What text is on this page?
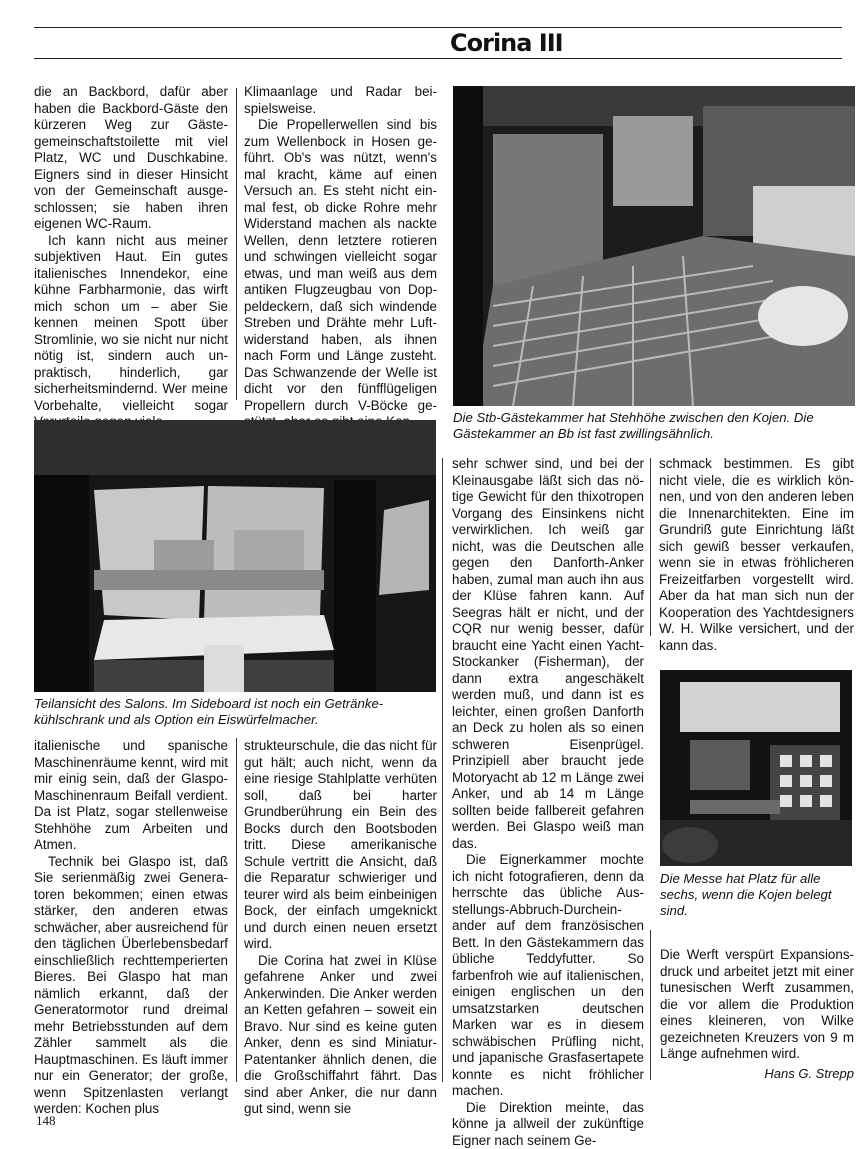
Corina III

die an Backbord, dafür aber haben die Backbord-Gäste den kürzeren Weg zur Gästegemeinschaftstoilette mit viel Platz, WC und Duschkabine. Eigners sind in dieser Hinsicht von der Gemeinschaft ausgeschlossen; sie haben ihren eigenen WC-Raum.

Ich kann nicht aus meiner subjektiven Haut. Ein gutes italienisches Innendekor, eine kühne Farbharmonie, das wirft mich schon um – aber Sie kennen meinen Spott über Stromlinie, wo sie nicht nur nicht nötig ist, sindern auch unpraktisch, hinderlich, gar sicherheitsmindernd. Wer meine Vorbehalte, vielleicht sogar

Klimaanlage und Radar beispielsweise.

Die Propellerwellen sind bis zum Wellenbock in Hosen geführt. Ob's was nützt, wenn's mal kracht, käme auf einen Versuch an. Es steht nicht einmal fest, ob dicke Rohre mehr Widerstand machen als nackte Wellen, denn letztere rotieren und schwingen vielleicht sogar etwas, und man weiß aus dem antiken Flugzeugbau von Doppeldeckern, daß sich windende Streben und Drähte mehr Luftwiderstand haben, als ihnen nach Form und Länge zusteht. Das Schwanzende der Welle ist dicht vor den fünfflügeligen Propellern durch V-Böcke ge

Die Stb-Gästekammer hat Stehhöhe zwischen den Kojen. Die Gästekammer an Bb ist fast zwillingsähnlich.
Teilansicht des Salons. Im Sideboard ist noch ein Getränkekühlschrank und als Option ein Eiswürfelmacher.

sehr schwer sind, und bei der Kleinausgabe läßt sich das nötige Gewicht für den thixotropen Vorgang des Einsinkens nicht verwirklichen. Ich weiß gar nicht, was die Deutschen alle gegen den Danforth-Anker haben, zumal man auch ihn aus der Klüse fahren kann. Auf Seegras hält er nicht, und der CQR nur wenig besser, dafür braucht eine Yacht einen Yacht-Stockanker (Fisherman), der dann extra angeschäkelt werden muß, und dann ist es leichter, einen großen Danforth an Deck zu holen als so einen schweren Eisenprügel. Prinzipiell aber braucht jede Motoryacht ab 12 m Länge zwei Anker, und ab 14 m Länge sollten beide fallbereit gefahren werden. Bei Glaspo weiß man das.

Die Eignerkammer mochte ich nicht fotografieren, denn da herrschte das übliche Ausstellungs-Abbruch-Durcheinander auf dem französischen Bett. In den Gästekammern das übliche Teddyfutter. So farbenfroh wie auf italienischen, einigen englischen un den umsatzstarken deutschen Marken war es in diesem schwäbischen Prüfling nicht, und japanische Grasfasertapete konnte es nicht fröhlicher machen.

Die Direktion meinte, das könne ja allweil der zukünftige Eigner nach seinem Ge-

schmack bestimmen. Es gibt nicht viele, die es wirklich können, und von den anderen leben die Innenarchitekten. Eine im Grundriß gute Einrichtung läßt sich gewiß besser verkaufen, wenn sie in etwas fröhlicheren Freizeitfarben vorgestellt wird. Aber da hat man sich nun der Kooperation des Yachtdesigners W. H. Wilke versichert, und der kann das.

Die Messe hat Platz für alle sechs, wenn die Kojen belegt sind.

Die Werft verspürt Expansionsdruck und arbeitet jetzt mit einer tunesischen Werft zusammen, die vor allem die Produktion eines kleineren, von Wilke gezeichneten Kreuzers von 9 m Länge aufnehmen wird.

Hans G. Strepp

italienische und spanische Maschinenräume kennt, wird mit mir einig sein, daß der Glaspo-Maschinenraum Beifall verdient. Da ist Platz, sogar stellenweise Stehhöhe zum Arbeiten und Atmen.

Technik bei Glaspo ist, daß Sie serienmäßig zwei Generatoren bekommen; einen etwas stärker, den anderen etwas schwächer, aber ausreichend für den täglichen Überlebensbedarf einschließlich rechttemperierten Bieres. Bei Glaspo hat man nämlich erkannt, daß der Generatormotor rund dreimal mehr Betriebsstunden auf dem Zähler sammelt als die Hauptmaschinen. Es läuft immer nur ein Generator; der große, wenn Spitzenlasten verlangt werden: Kochen plus

strukteurschule, die das nicht für gut hält; auch nicht, wenn da eine riesige Stahlplatte verhüten soll, daß bei harter Grundberührung ein Bein des Bocks durch den Bootsboden tritt. Diese amerikanische Schule vertritt die Ansicht, daß die Reparatur schwieriger und teurer wird als beim einbeinigen Bock, der einfach umgeknickt und durch einen neuen ersetzt wird.

Die Corina hat zwei in Klüse gefahrene Anker und zwei Ankerwinden. Die Anker werden an Ketten gefahren – soweit ein Bravo. Nur sind es keine guten Anker, denn es sind Miniatur-Patentanker ähnlich denen, die die Großschiffahrt fährt. Das sind aber Anker, die nur dann gut sind, wenn sie

148
